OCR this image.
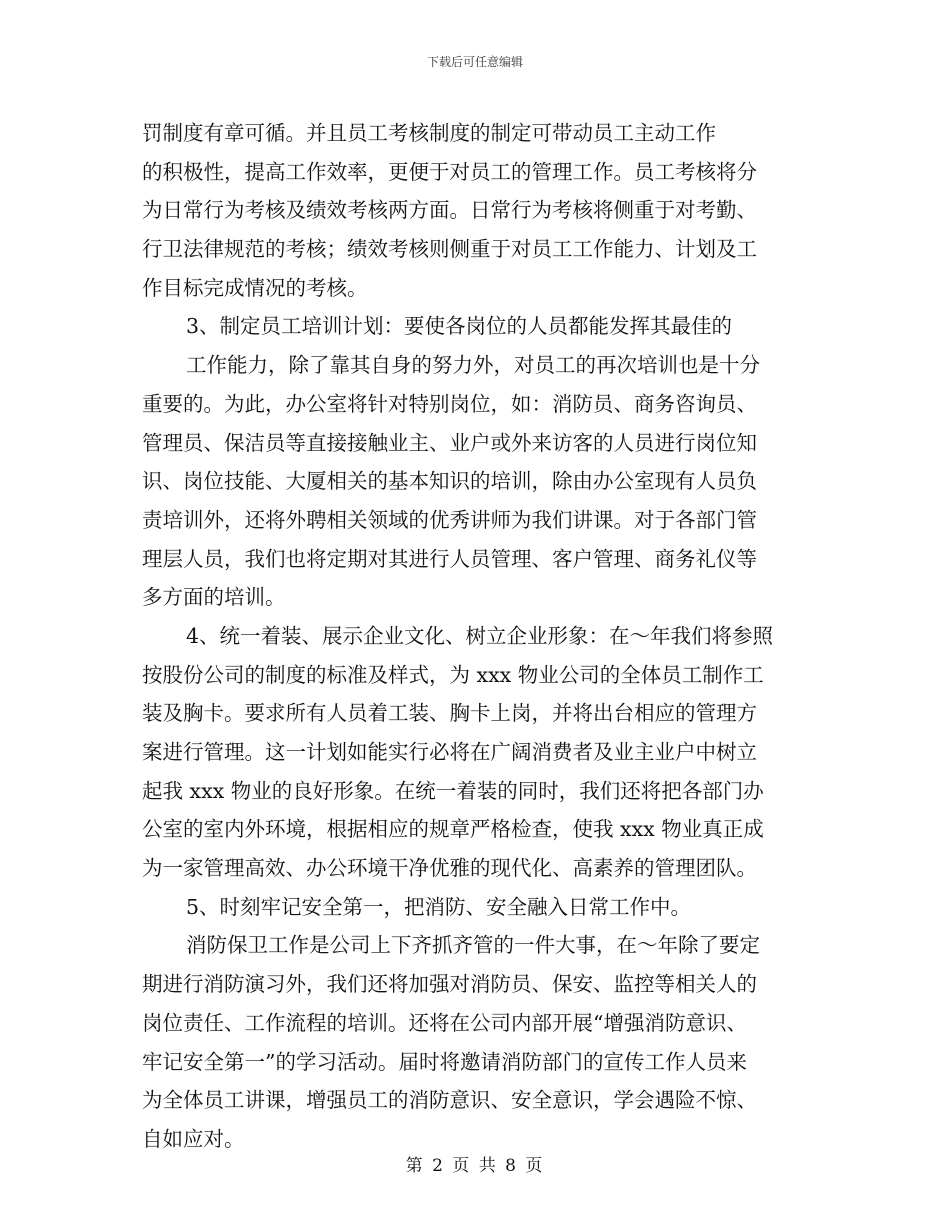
下载后可任意编辑
罚制度有章可循。并且员工考核制度的制定可带动员工主动工作
的积极性，提高工作效率，更便于对员工的管理工作。员工考核将分
为日常行为考核及绩效考核两方面。日常行为考核将侧重于对考勤、
行卫法律规范的考核；绩效考核则侧重于对员工工作能力、计划及工
作目标完成情况的考核。
3、制定员工培训计划：要使各岗位的人员都能发挥其最佳的
工作能力，除了靠其自身的努力外，对员工的再次培训也是十分
重要的。为此，办公室将针对特别岗位，如：消防员、商务咨询员、
管理员、保洁员等直接接触业主、业户或外来访客的人员进行岗位知
识、岗位技能、大厦相关的基本知识的培训，除由办公室现有人员负
责培训外，还将外聘相关领域的优秀讲师为我们讲课。对于各部门管
理层人员，我们也将定期对其进行人员管理、客户管理、商务礼仪等
多方面的培训。
4、统一着装、展示企业文化、树立企业形象：在～年我们将参照
按股份公司的制度的标准及样式，为 xxx 物业公司的全体员工制作工
装及胸卡。要求所有人员着工装、胸卡上岗，并将出台相应的管理方
案进行管理。这一计划如能实行必将在广阔消费者及业主业户中树立
起我 xxx 物业的良好形象。在统一着装的同时，我们还将把各部门办
公室的室内外环境，根据相应的规章严格检查，使我 xxx 物业真正成
为一家管理高效、办公环境干净优雅的现代化、高素养的管理团队。
5、时刻牢记安全第一，把消防、安全融入日常工作中。
消防保卫工作是公司上下齐抓齐管的一件大事，在～年除了要定
期进行消防演习外，我们还将加强对消防员、保安、监控等相关人的
岗位责任、工作流程的培训。还将在公司内部开展“增强消防意识、
牢记安全第一”的学习活动。届时将邀请消防部门的宣传工作人员来
为全体员工讲课，增强员工的消防意识、安全意识，学会遇险不惊、
自如应对。
第 2 页 共 8 页
